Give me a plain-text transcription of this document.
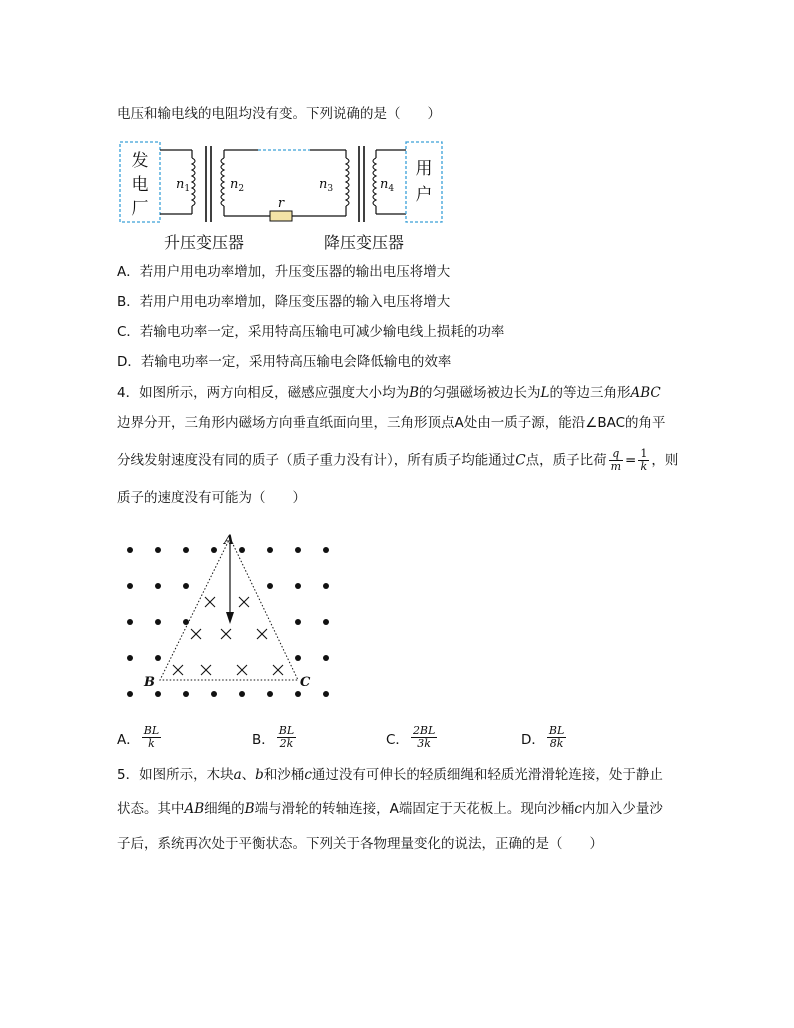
电压和输电线的电阻均没有变。下列说确的是（　　）
发
电
厂
$n_1$	$n_2$
r
$n_3$	$n_4$
用
户
升压变压器	降压变压器
A．若用户用电功率增加，升压变压器的输出电压将增大
B．若用户用电功率增加，降压变压器的输入电压将增大
C．若输电功率一定，采用特高压输电可减少输电线上损耗的功率
D．若输电功率一定，采用特高压输电会降低输电的效率
4．如图所示，两方向相反，磁感应强度大小均为B的匀强磁场被边长为L的等边三角形ABC
边界分开，三角形内磁场方向垂直纸面向里，三角形顶点A处由一质子源，能沿∠BAC的角平
分线发射速度没有同的质子（质子重力没有计），所有质子均能通过C点，质子比荷 $\frac{q}{m} = \frac{1}{k}$ ，则
质子的速度没有可能为（　　）
A
B	C
A． $\frac{BL}{k}$	B． $\frac{BL}{2k}$	C． $\frac{2BL}{3k}$	D． $\frac{BL}{8k}$
5．如图所示，木块a、b和沙桶c通过没有可伸长的轻质细绳和轻质光滑滑轮连接，处于静止
状态。其中AB细绳的B端与滑轮的转轴连接，A端固定于天花板上。现向沙桶c内加入少量沙
子后，系统再次处于平衡状态。下列关于各物理量变化的说法，正确的是（　　）
